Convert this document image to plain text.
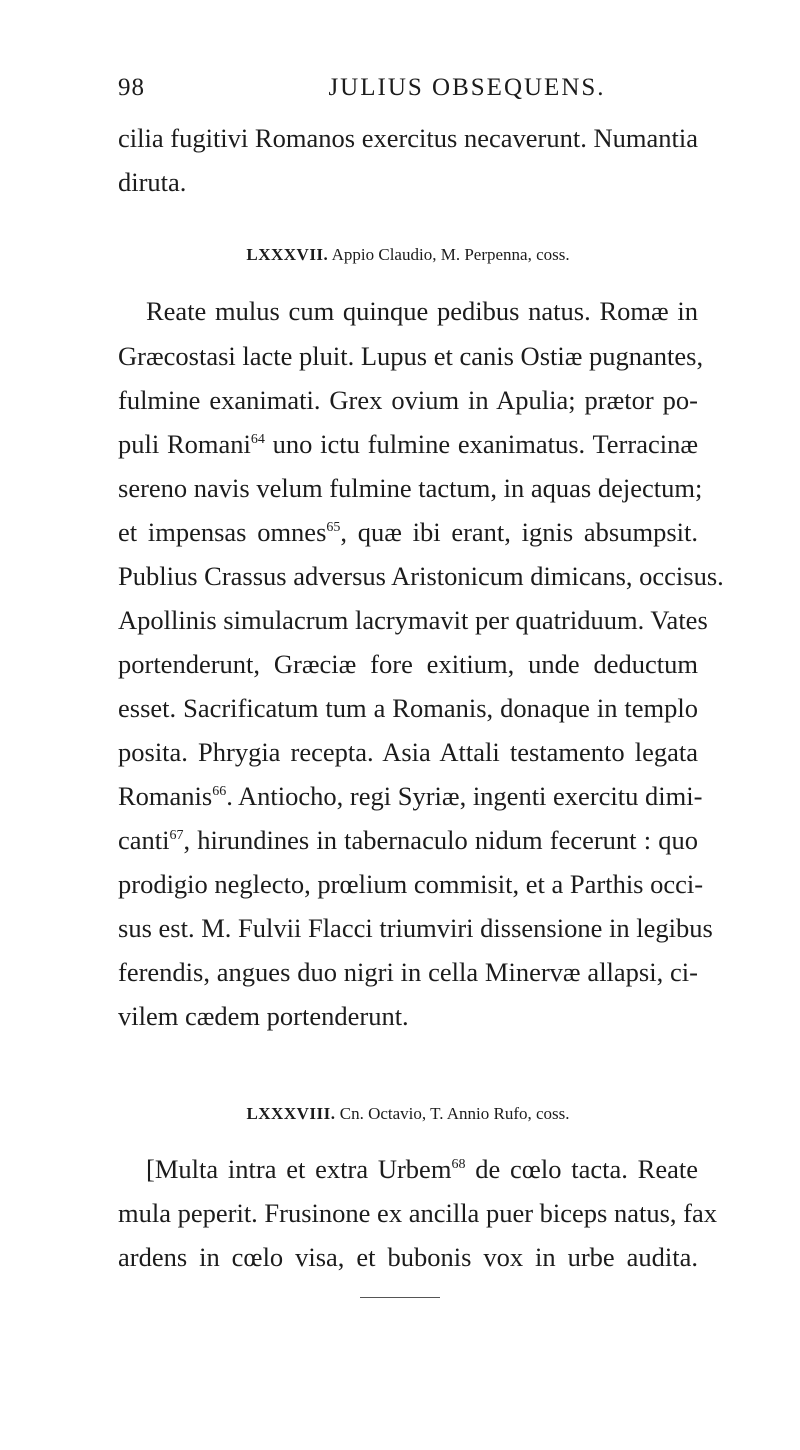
98	JULIUS OBSEQUENS.
cilia fugitivi Romanos exercitus necaverunt. Numantia
diruta.
LXXXVII. Appio Claudio, M. Perpenna, coss.
Reate mulus cum quinque pedibus natus. Romæ in
Græcostasi lacte pluit. Lupus et canis Ostiæ pugnantes,
fulmine exanimati. Grex ovium in Apulia; prætor po-
puli Romani$^{64}$ uno ictu fulmine exanimatus. Terracinæ
sereno navis velum fulmine tactum, in aquas dejectum;
et impensas omnes$^{65}$, quæ ibi erant, ignis absumpsit.
Publius Crassus adversus Aristonicum dimicans, occisus.
Apollinis simulacrum lacrymavit per quatriduum. Vates
portenderunt, Græciæ fore exitium, unde deductum
esset. Sacrificatum tum a Romanis, donaque in templo
posita. Phrygia recepta. Asia Attali testamento legata
Romanis$^{66}$. Antiocho, regi Syriæ, ingenti exercitu dimi-
canti$^{67}$, hirundines in tabernaculo nidum fecerunt : quo
prodigio neglecto, prœlium commisit, et a Parthis occi-
sus est. M. Fulvii Flacci triumviri dissensione in legibus
ferendis, angues duo nigri in cella Minervæ allapsi, ci-
vilem cædem portenderunt.
LXXXVIII. Cn. Octavio, T. Annio Rufo, coss.
[Multa intra et extra Urbem$^{68}$ de cœlo tacta. Reate
mula peperit. Frusinone ex ancilla puer biceps natus, fax
ardens in cœlo visa, et bubonis vox in urbe audita.
